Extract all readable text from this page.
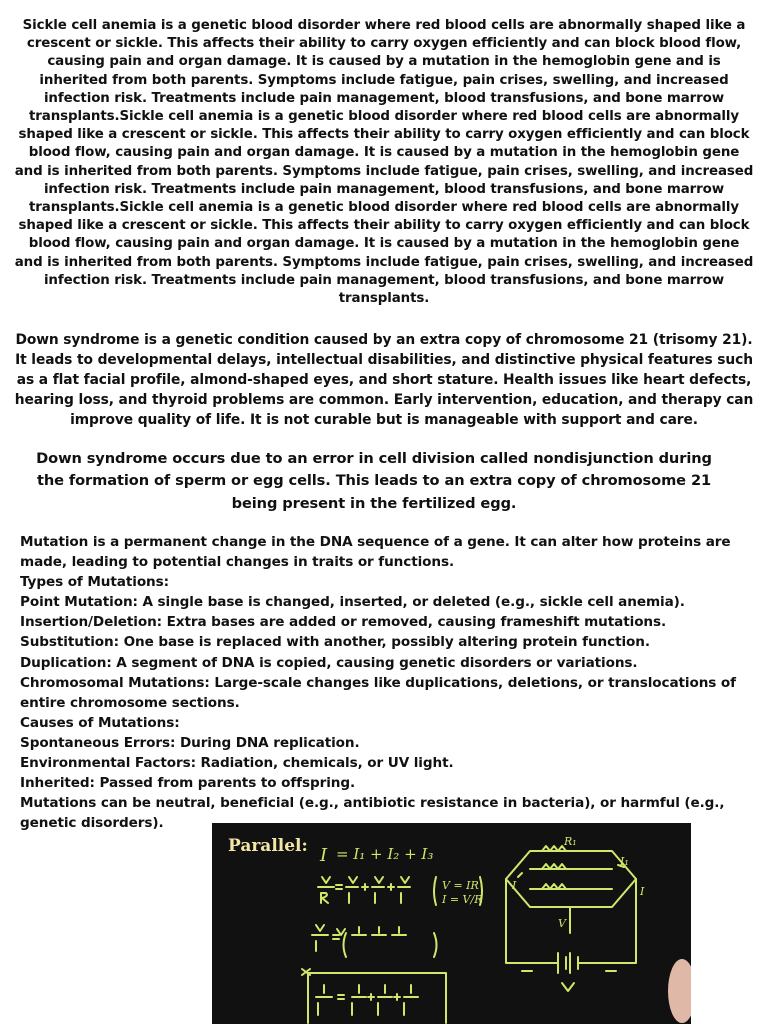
Sickle cell anemia is a genetic blood disorder where red blood cells are abnormally shaped like a crescent or sickle. This affects their ability to carry oxygen efficiently and can block blood flow, causing pain and organ damage. It is caused by a mutation in the hemoglobin gene and is inherited from both parents. Symptoms include fatigue, pain crises, swelling, and increased infection risk. Treatments include pain management, blood transfusions, and bone marrow transplants.Sickle cell anemia is a genetic blood disorder where red blood cells are abnormally shaped like a crescent or sickle. This affects their ability to carry oxygen efficiently and can block blood flow, causing pain and organ damage. It is caused by a mutation in the hemoglobin gene and is inherited from both parents. Symptoms include fatigue, pain crises, swelling, and increased infection risk. Treatments include pain management, blood transfusions, and bone marrow transplants.Sickle cell anemia is a genetic blood disorder where red blood cells are abnormally shaped like a crescent or sickle. This affects their ability to carry oxygen efficiently and can block blood flow, causing pain and organ damage. It is caused by a mutation in the hemoglobin gene and is inherited from both parents. Symptoms include fatigue, pain crises, swelling, and increased infection risk. Treatments include pain management, blood transfusions, and bone marrow transplants.

Down syndrome is a genetic condition caused by an extra copy of chromosome 21 (trisomy 21). It leads to developmental delays, intellectual disabilities, and distinctive physical features such as a flat facial profile, almond-shaped eyes, and short stature. Health issues like heart defects, hearing loss, and thyroid problems are common. Early intervention, education, and therapy can improve quality of life. It is not curable but is manageable with support and care.

Down syndrome occurs due to an error in cell division called nondisjunction during the formation of sperm or egg cells. This leads to an extra copy of chromosome 21 being present in the fertilized egg.

Mutation is a permanent change in the DNA sequence of a gene. It can alter how proteins are made, leading to potential changes in traits or functions.
Types of Mutations:
Point Mutation: A single base is changed, inserted, or deleted (e.g., sickle cell anemia).
Insertion/Deletion: Extra bases are added or removed, causing frameshift mutations.
Substitution: One base is replaced with another, possibly altering protein function.
Duplication: A segment of DNA is copied, causing genetic disorders or variations.
Chromosomal Mutations: Large-scale changes like duplications, deletions, or translocations of entire chromosome sections.
Causes of Mutations:
Spontaneous Errors: During DNA replication.
Environmental Factors: Radiation, chemicals, or UV light.
Inherited: Passed from parents to offspring.
Mutations can be neutral, beneficial (e.g., antibiotic resistance in bacteria), or harmful (e.g., genetic disorders).
Parallel: I = I₁ + I₂ + I₃
V = IR
I = V/R
R₁
I₁
I
I
V
